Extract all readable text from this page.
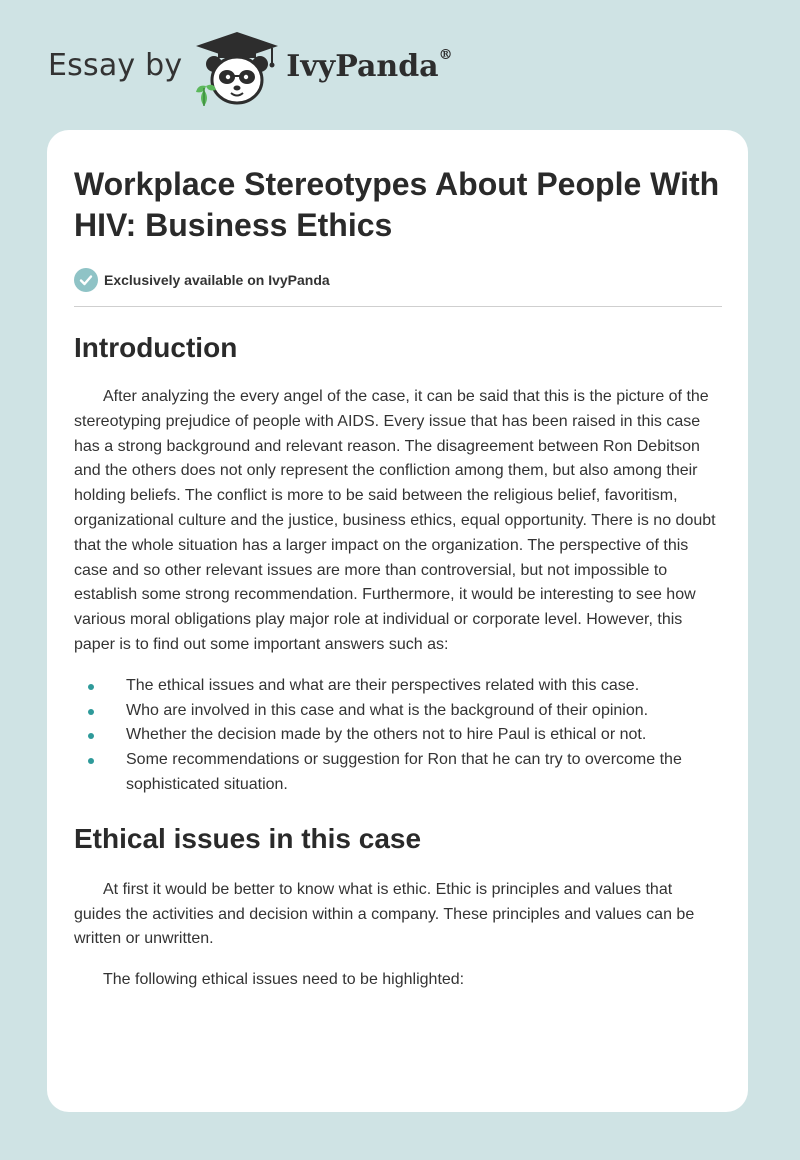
Essay by	IvyPanda®
Workplace Stereotypes About People With HIV: Business Ethics
Exclusively available on IvyPanda
Introduction

After analyzing the every angel of the case, it can be said that this is the picture of the stereotyping prejudice of people with AIDS. Every issue that has been raised in this case has a strong background and relevant reason. The disagreement between Ron Debitson and the others does not only represent the confliction among them, but also among their holding beliefs. The conflict is more to be said between the religious belief, favoritism, organizational culture and the justice, business ethics, equal opportunity. There is no doubt that the whole situation has a larger impact on the organization. The perspective of this case and so other relevant issues are more than controversial, but not impossible to establish some strong recommendation. Furthermore, it would be interesting to see how various moral obligations play major role at individual or corporate level. However, this paper is to find out some important answers such as:

The ethical issues and what are their perspectives related with this case.
Who are involved in this case and what is the background of their opinion.
Whether the decision made by the others not to hire Paul is ethical or not.
Some recommendations or suggestion for Ron that he can try to overcome the sophisticated situation.
Ethical issues in this case

At first it would be better to know what is ethic. Ethic is principles and values that guides the activities and decision within a company. These principles and values can be written or unwritten.

The following ethical issues need to be highlighted:
